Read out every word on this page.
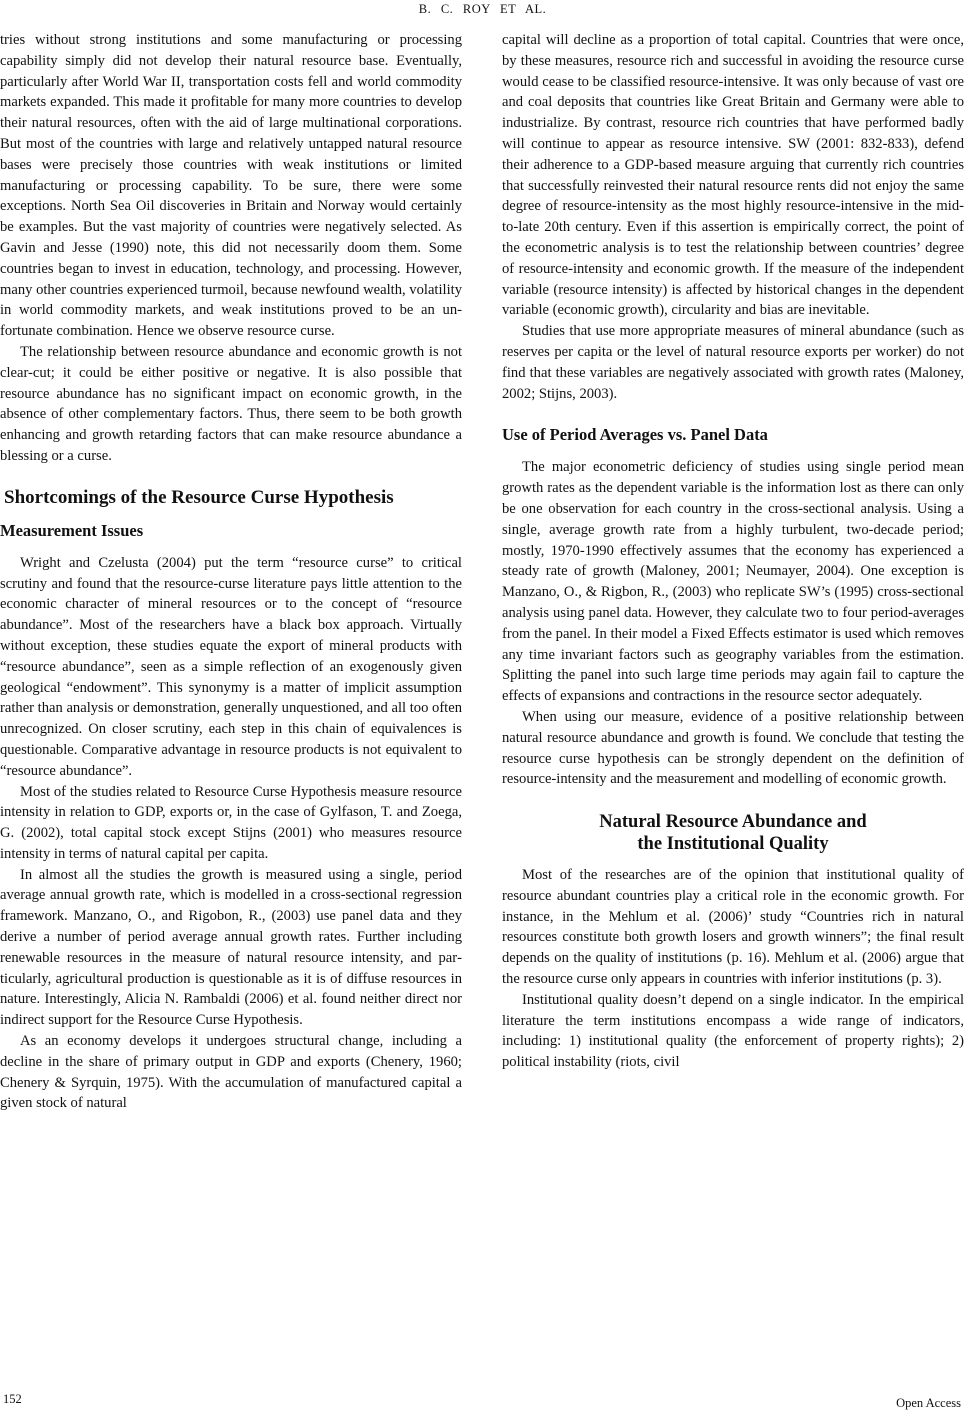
B. C. ROY ET AL.

tries without strong institutions and some manufacturing or processing capability simply did not develop their natural resource base. Eventually, particularly after World War II, transportation costs fell and world commodity markets expanded. This made it profitable for many more countries to develop their natural resources, often with the aid of large multinational corporations. But most of the countries with large and relatively untapped natural resource bases were precisely those countries with weak institutions or limited manufacturing or processing capability. To be sure, there were some exceptions. North Sea Oil discoveries in Britain and Norway would certainly be examples. But the vast majority of countries were negatively selected. As Gavin and Jesse (1990) note, this did not necessarily doom them. Some countries began to invest in education, technology, and processing. However, many other countries experienced turmoil, because newfound wealth, volatility in world commodity markets, and weak institutions proved to be an unfortunate combination. Hence we observe resource curse.

The relationship between resource abundance and economic growth is not clear-cut; it could be either positive or negative. It is also possible that resource abundance has no significant impact on economic growth, in the absence of other complementary factors. Thus, there seem to be both growth enhancing and growth retarding factors that can make resource abundance a blessing or a curse.

Shortcomings of the Resource Curse Hypothesis
Measurement Issues

Wright and Czelusta (2004) put the term “resource curse” to critical scrutiny and found that the resource-curse literature pays little attention to the economic character of mineral resources or to the concept of “resource abundance”. Most of the researchers have a black box approach. Virtually without exception, these studies equate the export of mineral products with “resource abundance”, seen as a simple reflection of an exogenously given geological “endowment”. This synonymy is a matter of implicit assumption rather than analysis or demonstration, generally unquestioned, and all too often unrecognized. On closer scrutiny, each step in this chain of equivalences is questionable. Comparative advantage in resource products is not equivalent to “resource abundance”.

Most of the studies related to Resource Curse Hypothesis measure resource intensity in relation to GDP, exports or, in the case of Gylfason, T. and Zoega, G. (2002), total capital stock except Stijns (2001) who measures resource intensity in terms of natural capital per capita.

In almost all the studies the growth is measured using a single, period average annual growth rate, which is modelled in a cross-sectional regression framework. Manzano, O., and Rigobon, R., (2003) use panel data and they derive a number of period average annual growth rates. Further including renewable resources in the measure of natural resource intensity, and particularly, agricultural production is questionable as it is of diffuse resources in nature. Interestingly, Alicia N. Rambaldi (2006) et al. found neither direct nor indirect support for the Resource Curse Hypothesis.

As an economy develops it undergoes structural change, including a decline in the share of primary output in GDP and exports (Chenery, 1960; Chenery & Syrquin, 1975). With the accumulation of manufactured capital a given stock of natural

capital will decline as a proportion of total capital. Countries that were once, by these measures, resource rich and successful in avoiding the resource curse would cease to be classified resource-intensive. It was only because of vast ore and coal deposits that countries like Great Britain and Germany were able to industrialize. By contrast, resource rich countries that have performed badly will continue to appear as resource intensive. SW (2001: 832-833), defend their adherence to a GDP-based measure arguing that currently rich countries that successfully reinvested their natural resource rents did not enjoy the same degree of resource-intensity as the most highly resource-intensive in the mid-to-late 20th century. Even if this assertion is empirically correct, the point of the econometric analysis is to test the relationship between countries’ degree of resource-intensity and economic growth. If the measure of the independent variable (resource intensity) is affected by historical changes in the dependent variable (economic growth), circularity and bias are inevitable.

Studies that use more appropriate measures of mineral abundance (such as reserves per capita or the level of natural resource exports per worker) do not find that these variables are negatively associated with growth rates (Maloney, 2002; Stijns, 2003).

Use of Period Averages vs. Panel Data

The major econometric deficiency of studies using single period mean growth rates as the dependent variable is the information lost as there can only be one observation for each country in the cross-sectional analysis. Using a single, average growth rate from a highly turbulent, two-decade period; mostly, 1970-1990 effectively assumes that the economy has experienced a steady rate of growth (Maloney, 2001; Neumayer, 2004). One exception is Manzano, O., & Rigbon, R., (2003) who replicate SW’s (1995) cross-sectional analysis using panel data. However, they calculate two to four period-averages from the panel. In their model a Fixed Effects estimator is used which removes any time invariant factors such as geography variables from the estimation. Splitting the panel into such large time periods may again fail to capture the effects of expansions and contractions in the resource sector adequately.

When using our measure, evidence of a positive relationship between natural resource abundance and growth is found. We conclude that testing the resource curse hypothesis can be strongly dependent on the definition of resource-intensity and the measurement and modelling of economic growth.

Natural Resource Abundance and
the Institutional Quality

Most of the researches are of the opinion that institutional quality of resource abundant countries play a critical role in the economic growth. For instance, in the Mehlum et al. (2006)’ study “Countries rich in natural resources constitute both growth losers and growth winners”; the final result depends on the quality of institutions (p. 16). Mehlum et al. (2006) argue that the resource curse only appears in countries with inferior institutions (p. 3).

Institutional quality doesn’t depend on a single indicator. In the empirical literature the term institutions encompass a wide range of indicators, including: 1) institutional quality (the enforcement of property rights); 2) political instability (riots, civil

152	Open Access
